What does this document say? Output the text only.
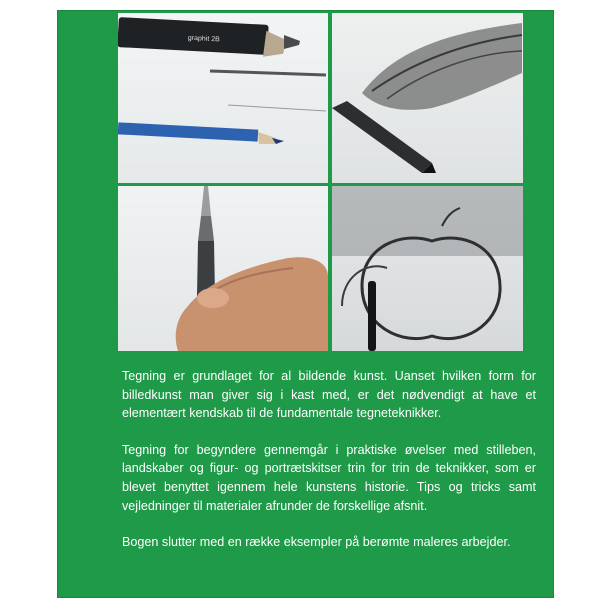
graphit 2B

Tegning er grundlaget for al bildende kunst. Uanset hvilken form for billedkunst man giver sig i kast med, er det nødvendigt at have et elementært kendskab til de fundamentale tegneteknikker.

Tegning for begyndere gennemgår i praktiske øvelser med stilleben, landskaber og figur- og portrætskitser trin for trin de teknikker, som er blevet benyttet igennem hele kunstens historie. Tips og tricks samt vejledninger til materialer afrunder de forskellige afsnit.

Bogen slutter med en række eksempler på berømte maleres arbejder.
